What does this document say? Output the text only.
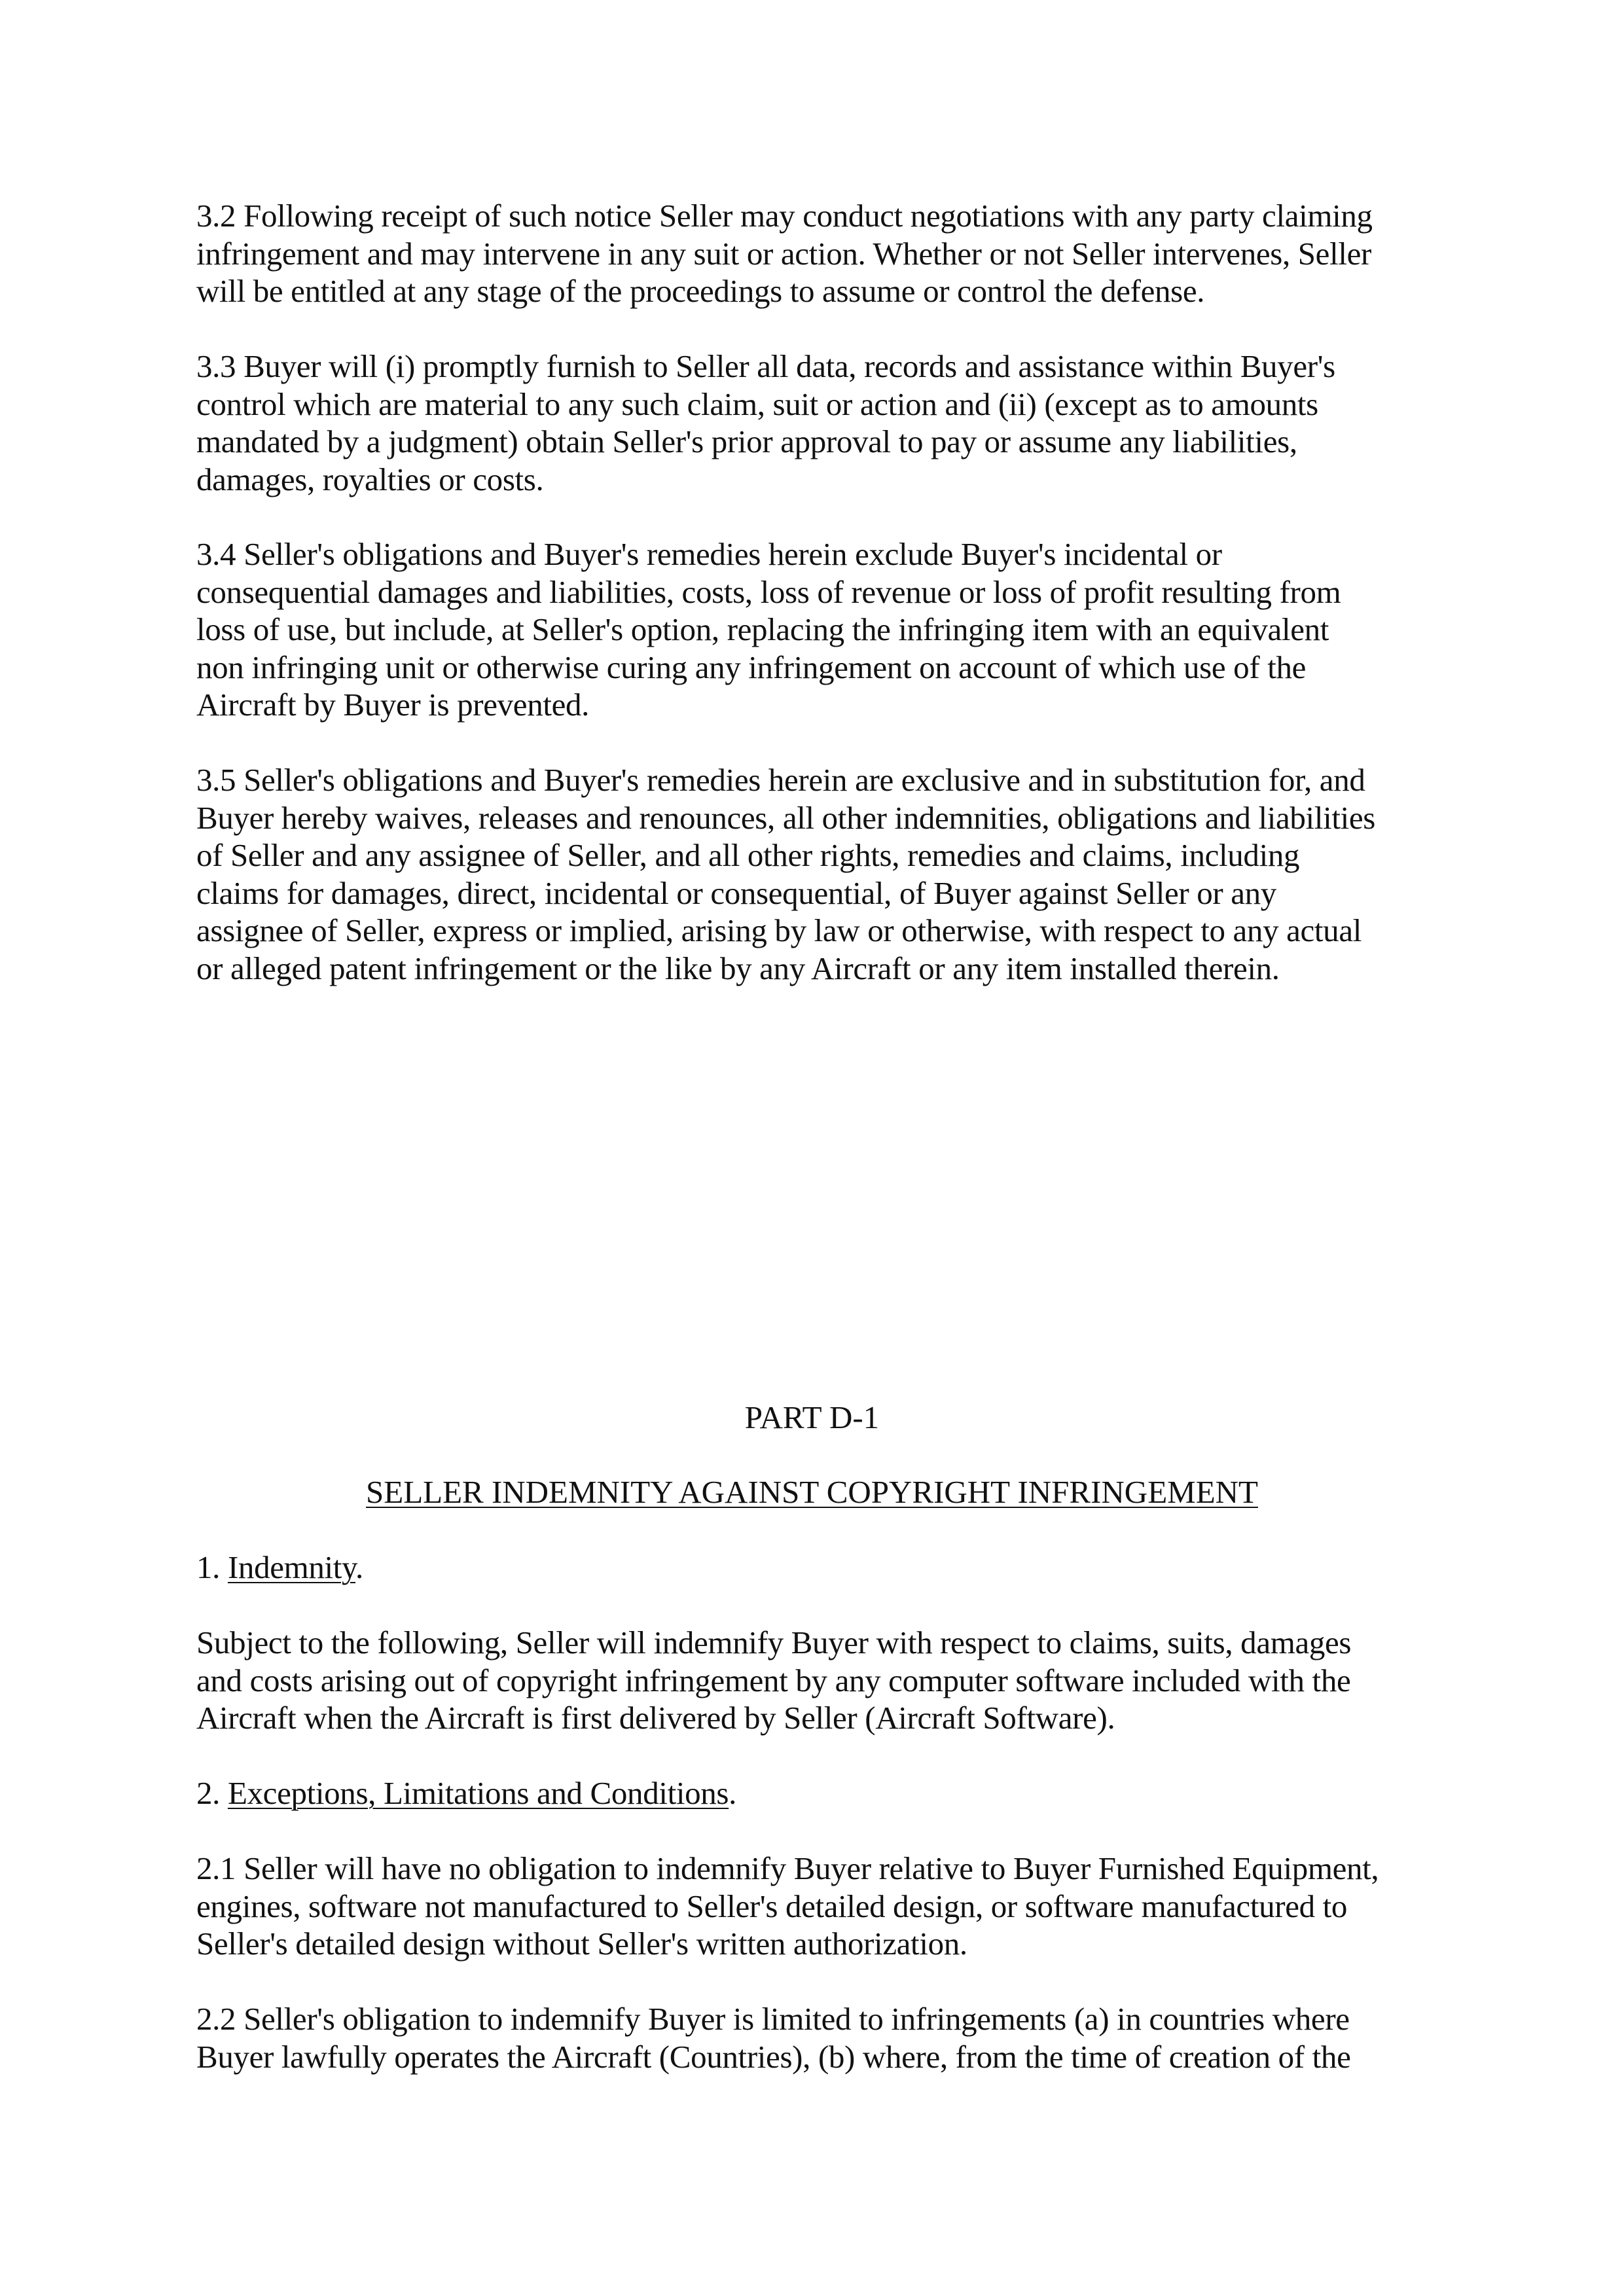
3.2 Following receipt of such notice Seller may conduct negotiations with any party claiming
infringement and may intervene in any suit or action. Whether or not Seller intervenes, Seller
will be entitled at any stage of the proceedings to assume or control the defense.

3.3 Buyer will (i) promptly furnish to Seller all data, records and assistance within Buyer's
control which are material to any such claim, suit or action and (ii) (except as to amounts
mandated by a judgment) obtain Seller's prior approval to pay or assume any liabilities,
damages, royalties or costs.

3.4 Seller's obligations and Buyer's remedies herein exclude Buyer's incidental or
consequential damages and liabilities, costs, loss of revenue or loss of profit resulting from
loss of use, but include, at Seller's option, replacing the infringing item with an equivalent
non infringing unit or otherwise curing any infringement on account of which use of the
Aircraft by Buyer is prevented.

3.5 Seller's obligations and Buyer's remedies herein are exclusive and in substitution for, and
Buyer hereby waives, releases and renounces, all other indemnities, obligations and liabilities
of Seller and any assignee of Seller, and all other rights, remedies and claims, including
claims for damages, direct, incidental or consequential, of Buyer against Seller or any
assignee of Seller, express or implied, arising by law or otherwise, with respect to any actual
or alleged patent infringement or the like by any Aircraft or any item installed therein.

PART D-1

SELLER INDEMNITY AGAINST COPYRIGHT INFRINGEMENT

1. Indemnity.

Subject to the following, Seller will indemnify Buyer with respect to claims, suits, damages
and costs arising out of copyright infringement by any computer software included with the
Aircraft when the Aircraft is first delivered by Seller (Aircraft Software).

2. Exceptions, Limitations and Conditions.

2.1 Seller will have no obligation to indemnify Buyer relative to Buyer Furnished Equipment,
engines, software not manufactured to Seller's detailed design, or software manufactured to
Seller's detailed design without Seller's written authorization.

2.2 Seller's obligation to indemnify Buyer is limited to infringements (a) in countries where
Buyer lawfully operates the Aircraft (Countries), (b) where, from the time of creation of the
